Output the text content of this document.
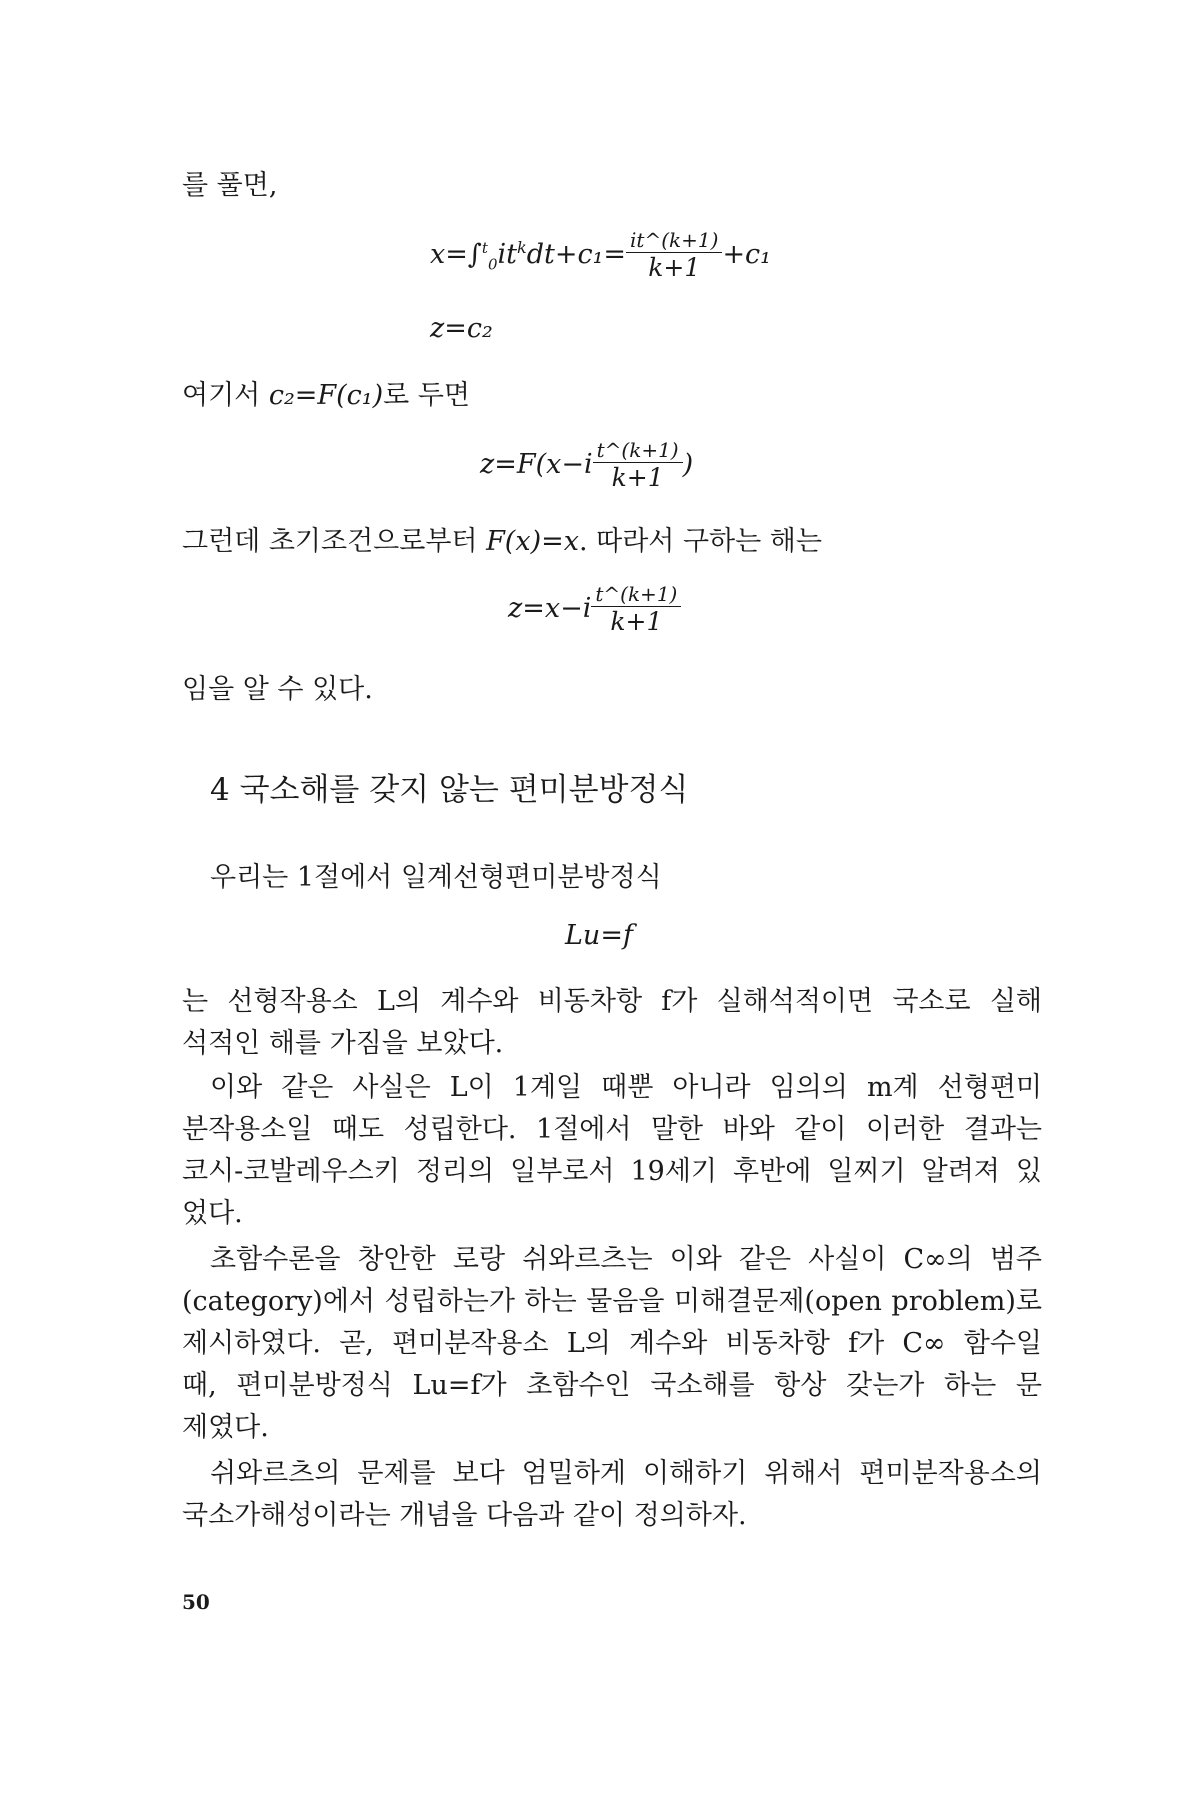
를 풀면,
$x=\int^t_0it^kdt+c_1= \frac{it\^{}(k+1)}{k+1} +c_1$
z=c₂
여기서 c₂=F(c₁)로 두면
$z=F(x-i \frac{t\^{}(k+1)}{k+1}$ )
그런데 초기조건으로부터 F(x)=x. 따라서 구하는 해는
$z=x-i \frac{t\^{}(k+1)}{k+1}$
임을 알 수 있다.
4 국소해를 갖지 않는 편미분방정식
우리는 1절에서 일계선형편미분방정식
Lu=f
는 선형작용소 L의 계수와 비동차항 f가 실해석적이면 국소로 실해
석적인 해를 가짐을 보았다.
이와 같은 사실은 L이 1계일 때뿐 아니라 임의의 m계 선형편미
분작용소일 때도 성립한다. 1절에서 말한 바와 같이 이러한 결과는
코시-코발레우스키 정리의 일부로서 19세기 후반에 일찌기 알려져 있
었다.
초함수론을 창안한 로랑 쉬와르츠는 이와 같은 사실이 C∞의 범주
(category)에서 성립하는가 하는 물음을 미해결문제(open problem)로
제시하였다. 곧, 편미분작용소 L의 계수와 비동차항 f가 C∞ 함수일
때, 편미분방정식 Lu=f가 초함수인 국소해를 항상 갖는가 하는 문
제였다.
쉬와르츠의 문제를 보다 엄밀하게 이해하기 위해서 편미분작용소의
국소가해성이라는 개념을 다음과 같이 정의하자.
50
